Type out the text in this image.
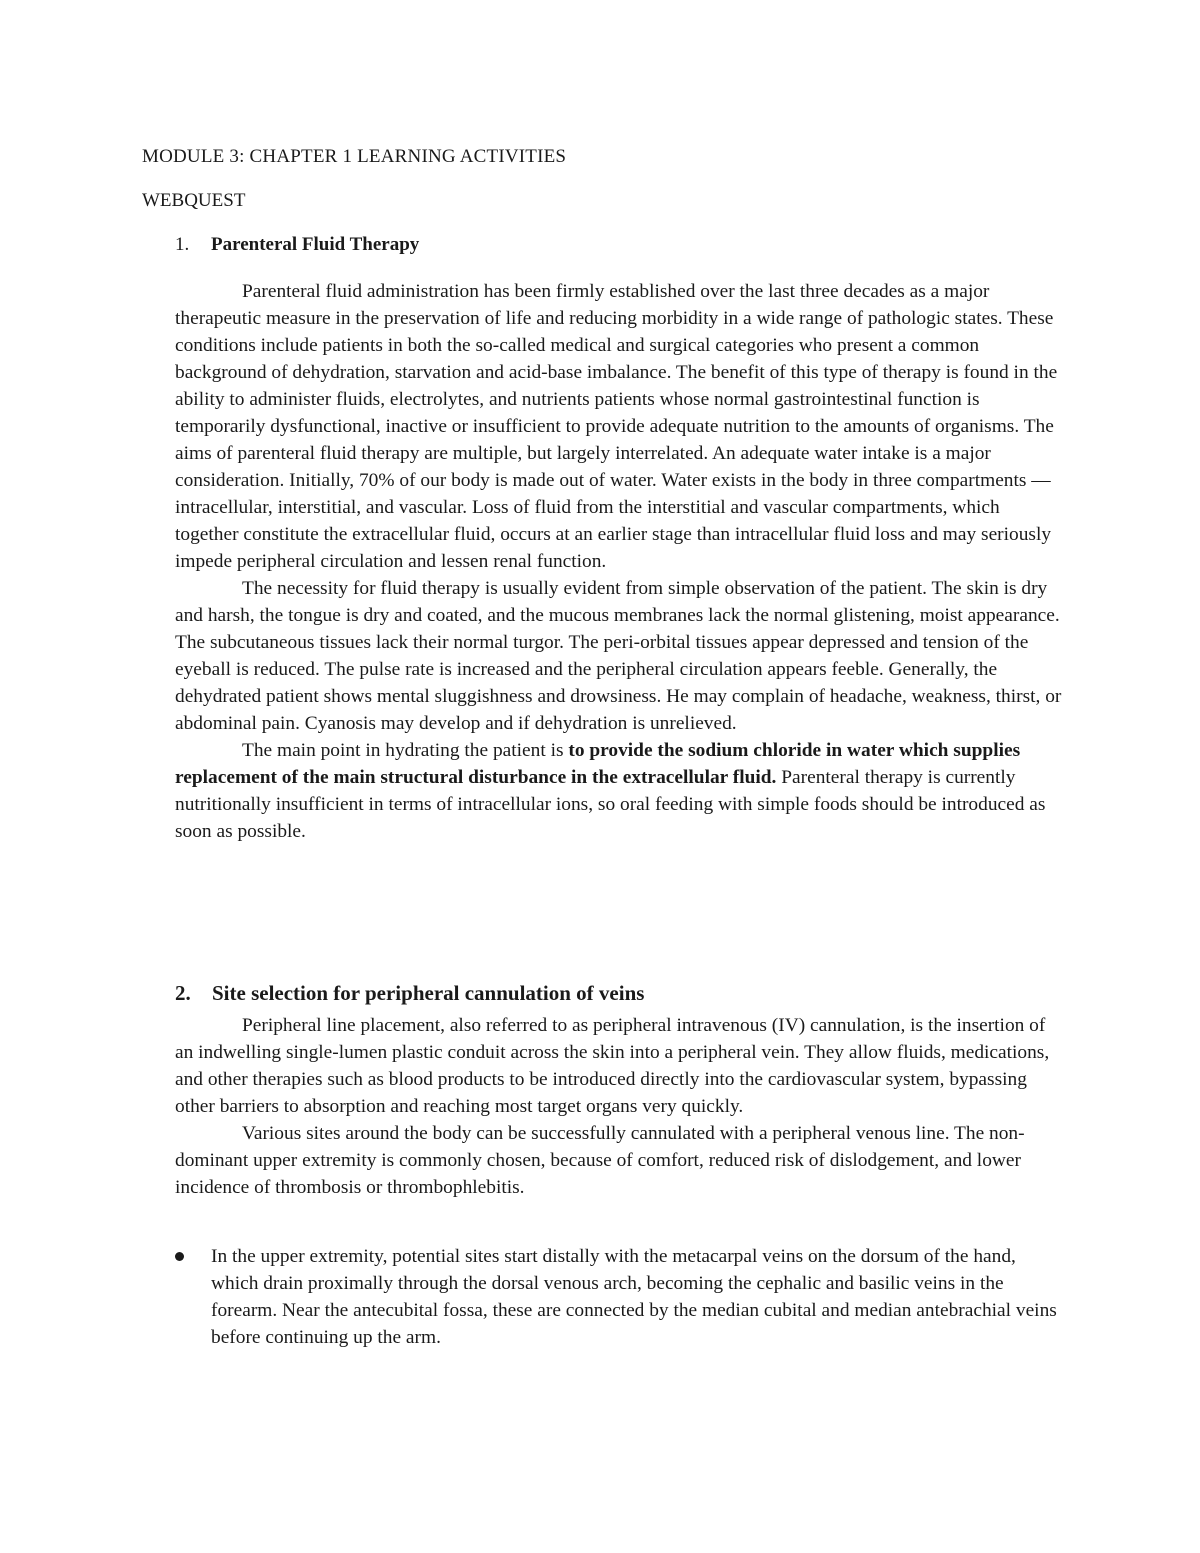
MODULE 3: CHAPTER 1 LEARNING ACTIVITIES
WEBQUEST
1. Parenteral Fluid Therapy

Parenteral fluid administration has been firmly established over the last three decades as a major therapeutic measure in the preservation of life and reducing morbidity in a wide range of pathologic states. These conditions include patients in both the so-called medical and surgical categories who present a common background of dehydration, starvation and acid-base imbalance. The benefit of this type of therapy is found in the ability to administer fluids, electrolytes, and nutrients patients whose normal gastrointestinal function is temporarily dysfunctional, inactive or insufficient to provide adequate nutrition to the amounts of organisms. The aims of parenteral fluid therapy are multiple, but largely interrelated. An adequate water intake is a major consideration. Initially, 70% of our body is made out of water. Water exists in the body in three compartments —intracellular, interstitial, and vascular. Loss of fluid from the interstitial and vascular compartments, which together constitute the extracellular fluid, occurs at an earlier stage than intracellular fluid loss and may seriously impede peripheral circulation and lessen renal function.

The necessity for fluid therapy is usually evident from simple observation of the patient. The skin is dry and harsh, the tongue is dry and coated, and the mucous membranes lack the normal glistening, moist appearance. The subcutaneous tissues lack their normal turgor. The peri-orbital tissues appear depressed and tension of the eyeball is reduced. The pulse rate is increased and the peripheral circulation appears feeble. Generally, the dehydrated patient shows mental sluggishness and drowsiness. He may complain of headache, weakness, thirst, or abdominal pain. Cyanosis may develop and if dehydration is unrelieved.

The main point in hydrating the patient is to provide the sodium chloride in water which supplies replacement of the main structural disturbance in the extracellular fluid. Parenteral therapy is currently nutritionally insufficient in terms of intracellular ions, so oral feeding with simple foods should be introduced as soon as possible.

2. Site selection for peripheral cannulation of veins

Peripheral line placement, also referred to as peripheral intravenous (IV) cannulation, is the insertion of an indwelling single-lumen plastic conduit across the skin into a peripheral vein. They allow fluids, medications, and other therapies such as blood products to be introduced directly into the cardiovascular system, bypassing other barriers to absorption and reaching most target organs very quickly.

Various sites around the body can be successfully cannulated with a peripheral venous line. The non-dominant upper extremity is commonly chosen, because of comfort, reduced risk of dislodgement, and lower incidence of thrombosis or thrombophlebitis.

In the upper extremity, potential sites start distally with the metacarpal veins on the dorsum of the hand, which drain proximally through the dorsal venous arch, becoming the cephalic and basilic veins in the forearm. Near the antecubital fossa, these are connected by the median cubital and median antebrachial veins before continuing up the arm.
